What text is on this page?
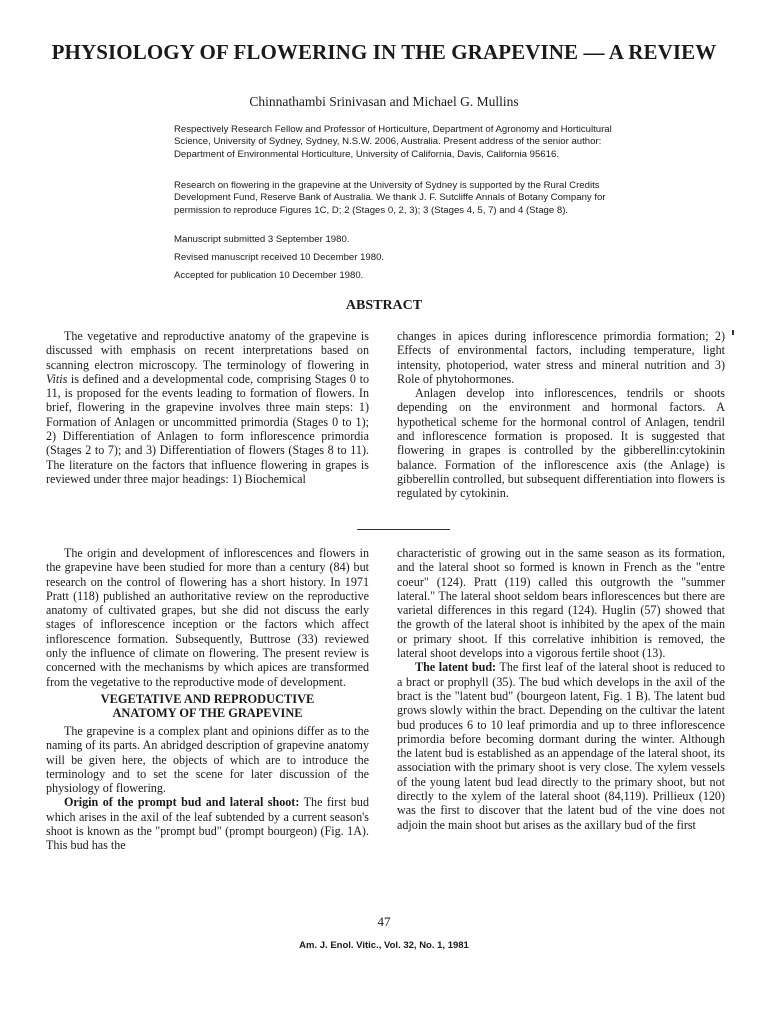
PHYSIOLOGY OF FLOWERING IN THE GRAPEVINE — A REVIEW
Chinnathambi Srinivasan and Michael G. Mullins

Respectively Research Fellow and Professor of Horticulture, Department of Agronomy and Horticultural Science, University of Sydney, Sydney, N.S.W. 2006, Australia. Present address of the senior author: Department of Environmental Horticulture, University of California, Davis, California 95616.

Research on flowering in the grapevine at the University of Sydney is supported by the Rural Credits Development Fund, Reserve Bank of Australia. We thank J. F. Sutcliffe Annals of Botany Company for permission to reproduce Figures 1C, D; 2 (Stages 0, 2, 3); 3 (Stages 4, 5, 7) and 4 (Stage 8).

Manuscript submitted 3 September 1980.
Revised manuscript received 10 December 1980.
Accepted for publication 10 December 1980.
ABSTRACT

The vegetative and reproductive anatomy of the grapevine is discussed with emphasis on recent interpretations based on scanning electron microscopy. The terminology of flowering in Vitis is defined and a developmental code, comprising Stages 0 to 11, is proposed for the events leading to formation of flowers. In brief, flowering in the grapevine involves three main steps: 1) Formation of Anlagen or uncommitted primordia (Stages 0 to 1); 2) Differentiation of Anlagen to form inflorescence primordia (Stages 2 to 7); and 3) Differentiation of flowers (Stages 8 to 11). The literature on the factors that influence flowering in grapes is reviewed under three major headings: 1) Biochemical

changes in apices during inflorescence primordia formation; 2) Effects of environmental factors, including temperature, light intensity, photoperiod, water stress and mineral nutrition and 3) Role of phytohormones.

Anlagen develop into inflorescences, tendrils or shoots depending on the environment and hormonal factors. A hypothetical scheme for the hormonal control of Anlagen, tendril and inflorescence formation is proposed. It is suggested that flowering in grapes is controlled by the gibberellin:cytokinin balance. Formation of the inflorescence axis (the Anlage) is gibberellin controlled, but subsequent differentiation into flowers is regulated by cytokinin.

The origin and development of inflorescences and flowers in the grapevine have been studied for more than a century (84) but research on the control of flowering has a short history. In 1971 Pratt (118) published an authoritative review on the reproductive anatomy of cultivated grapes, but she did not discuss the early stages of inflorescence inception or the factors which affect inflorescence formation. Subsequently, Buttrose (33) reviewed only the influence of climate on flowering. The present review is concerned with the mechanisms by which apices are transformed from the vegetative to the reproductive mode of development.

VEGETATIVE AND REPRODUCTIVE
ANATOMY OF THE GRAPEVINE

The grapevine is a complex plant and opinions differ as to the naming of its parts. An abridged description of grapevine anatomy will be given here, the objects of which are to introduce the terminology and to set the scene for later discussion of the physiology of flowering.

Origin of the prompt bud and lateral shoot: The first bud which arises in the axil of the leaf subtended by a current season's shoot is known as the "prompt bud" (prompt bourgeon) (Fig. 1A). This bud has the

characteristic of growing out in the same season as its formation, and the lateral shoot so formed is known in French as the "entre coeur" (124). Pratt (119) called this outgrowth the "summer lateral." The lateral shoot seldom bears inflorescences but there are varietal differences in this regard (124). Huglin (57) showed that the growth of the lateral shoot is inhibited by the apex of the main or primary shoot. If this correlative inhibition is removed, the lateral shoot develops into a vigorous fertile shoot (13).

The latent bud: The first leaf of the lateral shoot is reduced to a bract or prophyll (35). The bud which develops in the axil of the bract is the "latent bud" (bourgeon latent, Fig. 1 B). The latent bud grows slowly within the bract. Depending on the cultivar the latent bud produces 6 to 10 leaf primordia and up to three inflorescence primordia before becoming dormant during the winter. Although the latent bud is established as an appendage of the lateral shoot, its association with the primary shoot is very close. The xylem vessels of the young latent bud lead directly to the primary shoot, but not directly to the xylem of the lateral shoot (84,119). Prillieux (120) was the first to discover that the latent bud of the vine does not adjoin the main shoot but arises as the axillary bud of the first

47
Am. J. Enol. Vitic., Vol. 32, No. 1, 1981
